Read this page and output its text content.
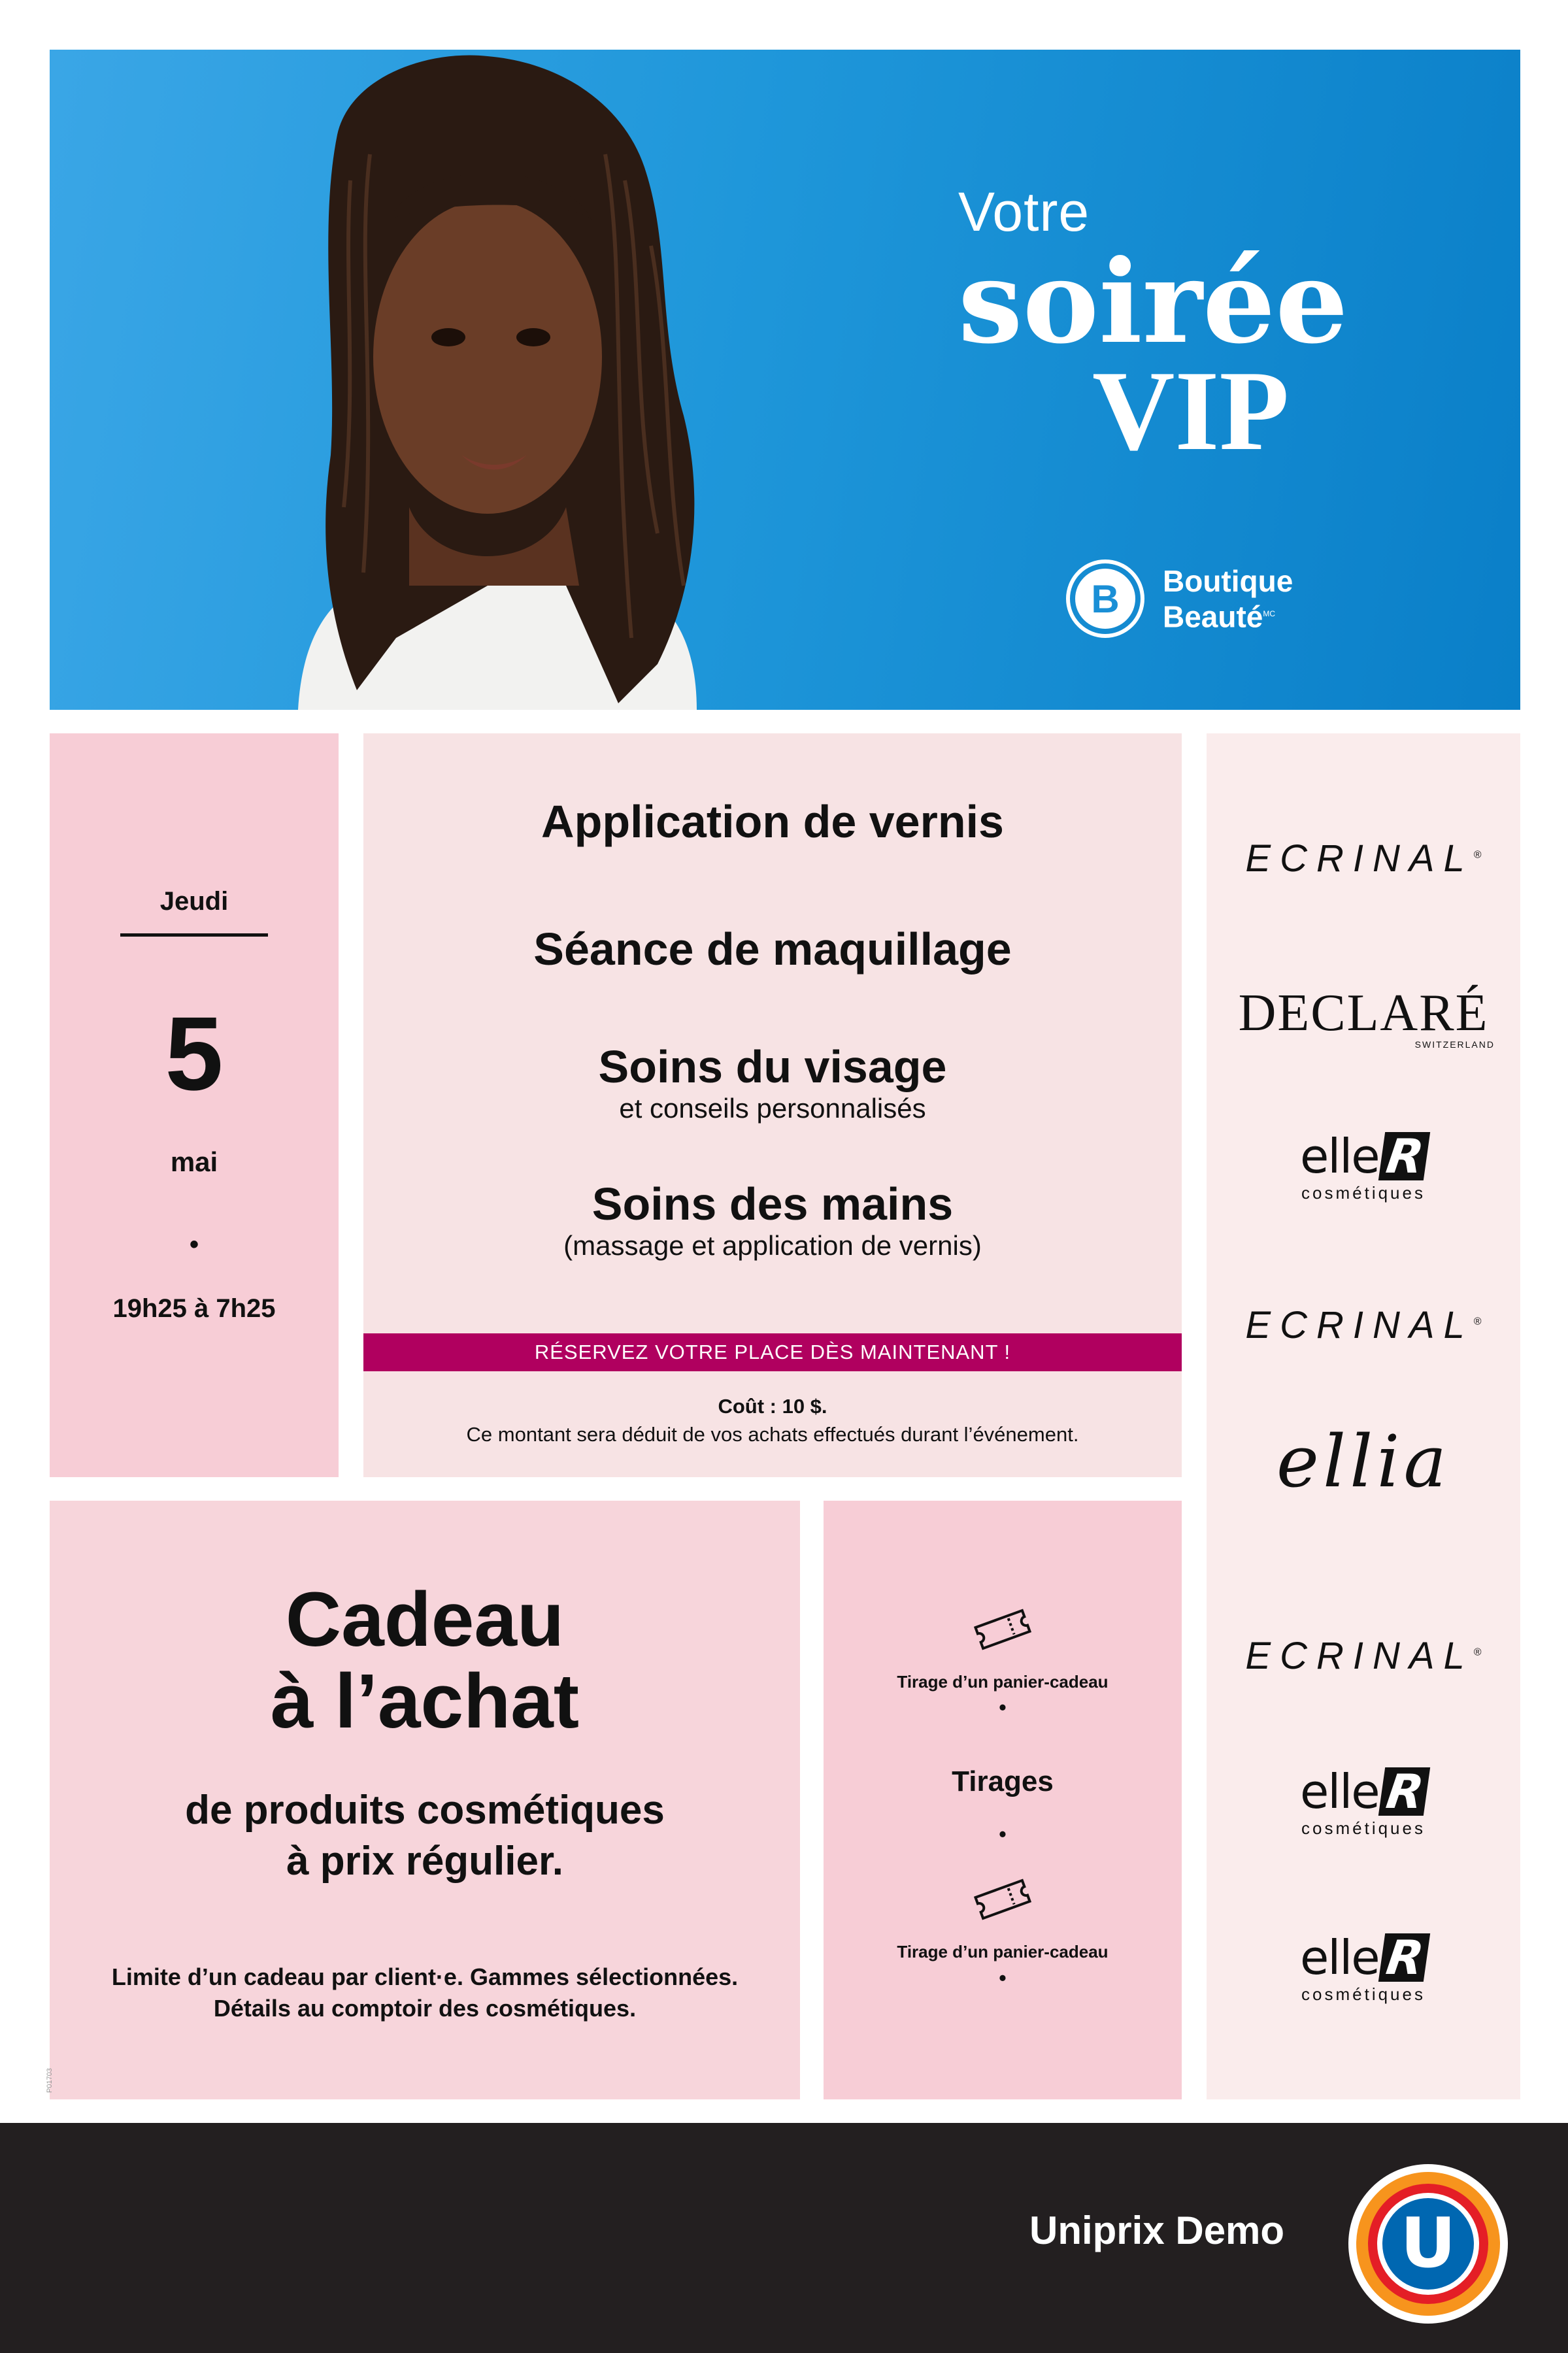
Votre
soirée
VIP
B	Boutique
Beauté$^{MC}$
Jeudi
5
mai
•
19h25 à 7h25
Application de vernis
Séance de maquillage
Soins du visage
et conseils personnalisés
Soins des mains
(massage et application de vernis)
RÉSERVEZ VOTRE PLACE DÈS MAINTENANT !
Coût : 10 $.
Ce montant sera déduit de vos achats effectués durant l’événement.
ECRINAL®
DECLARÉ
SWITZERLAND
elleR
cosmétiques
ECRINAL®
ellia
ECRINAL®
elleR
cosmétiques
elleR
cosmétiques
Cadeau
à l’achat
de produits cosmétiques
à prix régulier.
Limite d’un cadeau par client·e. Gammes sélectionnées.
Détails au comptoir des cosmétiques.
P01703
Tirage d’un panier-cadeau
•
Tirages
•
Tirage d’un panier-cadeau
•
Uniprix Demo U
